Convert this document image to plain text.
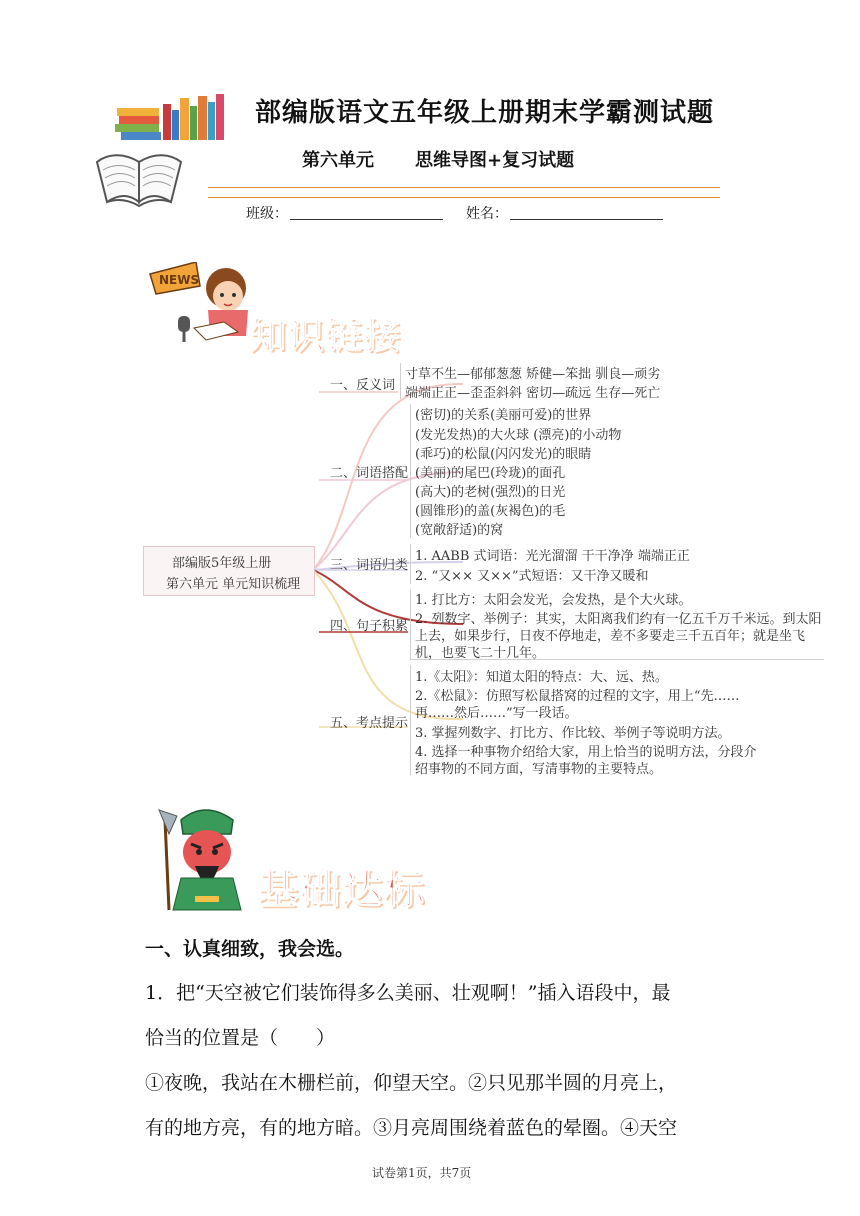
部编版语文五年级上册期末学霸测试题
第六单元 思维导图+复习试题
班级：	姓名：
NEWS
知识链接
部编版5年级上册
第六单元 单元知识梳理
一、反义词
寸草不生—郁郁葱葱 矫健—笨拙 驯良—顽劣
端端正正—歪歪斜斜 密切—疏远 生存—死亡
二、词语搭配
(密切)的关系(美丽可爱)的世界
(发光发热)的大火球 (漂亮)的小动物
(乖巧)的松鼠(闪闪发光)的眼睛
(美丽)的尾巴(玲珑)的面孔
(高大)的老树(强烈)的日光
(圆锥形)的盖(灰褐色)的毛
(宽敞舒适)的窝
三、词语归类
1. AABB 式词语：光光溜溜 干干净净 端端正正
2. “又×× 又××”式短语：又干净又暖和
四、句子积累
1. 打比方：太阳会发光，会发热，是个大火球。
2. 列数字、举例子：其实，太阳离我们约有一亿五千万千米远。到太阳
上去，如果步行，日夜不停地走，差不多要走三千五百年；就是坐飞
机，也要飞二十几年。
五、考点提示
1.《太阳》：知道太阳的特点：大、远、热。
2.《松鼠》：仿照写松鼠搭窝的过程的文字，用上“先……
再……然后……”写一段话。
3. 掌握列数字、打比方、作比较、举例子等说明方法。
4. 选择一种事物介绍给大家，用上恰当的说明方法，分段介
绍事物的不同方面，写清事物的主要特点。
基础达标
一、认真细致，我会选。
1．把“天空被它们装饰得多么美丽、壮观啊！”插入语段中，最
恰当的位置是（　　）
①夜晚，我站在木栅栏前，仰望天空。②只见那半圆的月亮上，
有的地方亮，有的地方暗。③月亮周围绕着蓝色的晕圈。④天空
试卷第1页，共7页
